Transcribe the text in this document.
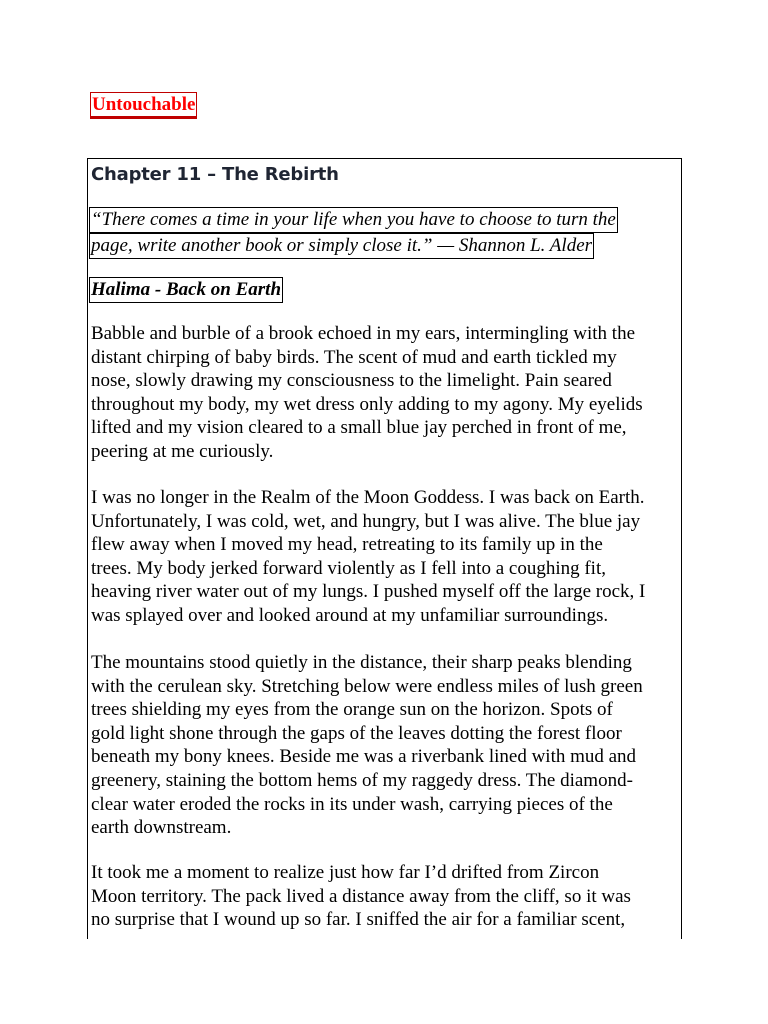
Untouchable
Chapter 11 – The Rebirth
“There comes a time in your life when you have to choose to turn the
page, write another book or simply close it.” — Shannon L. Alder
Halima - Back on Earth

Babble and burble of a brook echoed in my ears, intermingling with the
distant chirping of baby birds. The scent of mud and earth tickled my
nose, slowly drawing my consciousness to the limelight. Pain seared
throughout my body, my wet dress only adding to my agony. My eyelids
lifted and my vision cleared to a small blue jay perched in front of me,
peering at me curiously.

I was no longer in the Realm of the Moon Goddess. I was back on Earth.
Unfortunately, I was cold, wet, and hungry, but I was alive. The blue jay
flew away when I moved my head, retreating to its family up in the
trees. My body jerked forward violently as I fell into a coughing fit,
heaving river water out of my lungs. I pushed myself off the large rock, I
was splayed over and looked around at my unfamiliar surroundings.

The mountains stood quietly in the distance, their sharp peaks blending
with the cerulean sky. Stretching below were endless miles of lush green
trees shielding my eyes from the orange sun on the horizon. Spots of
gold light shone through the gaps of the leaves dotting the forest floor
beneath my bony knees. Beside me was a riverbank lined with mud and
greenery, staining the bottom hems of my raggedy dress. The diamond-
clear water eroded the rocks in its under wash, carrying pieces of the
earth downstream.

It took me a moment to realize just how far I’d drifted from Zircon
Moon territory. The pack lived a distance away from the cliff, so it was
no surprise that I wound up so far. I sniffed the air for a familiar scent,
